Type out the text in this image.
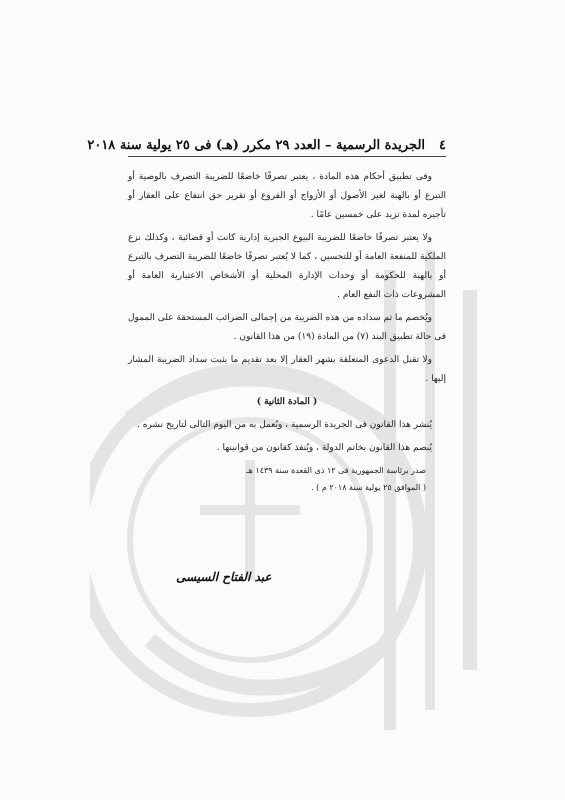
٤الجريدة الرسمية – العدد ٢٩ مكرر (هـ) فى ٢٥ يولية سنة ٢٠١٨

وفى تطبيق أحكام هذه المادة ، يعتبر تصرفًا خاضعًا للضريبة التصرف بالوصية أو التبرع أو بالهبة لغير الأصول أو الأزواج أو الفروع أو تقرير حق انتفاع على العقار أو تأجيره لمدة تزيد على خمسين عامًا .

ولا يعتبر تصرفًا خاضعًا للضريبة البيوع الجبرية إدارية كانت أو قضائية ، وكذلك نزع الملكية للمنفعة العامة أو للتحسين ، كما لا يُعتبر تصرفًا خاضعًا للضريبة التصرف بالتبرع أو بالهبة للحكومة أو وحدات الإدارة المحلية أو الأشخاص الاعتبارية العامة أو المشروعات ذات النفع العام .

ويُخصم ما تم سداده من هذه الضريبة من إجمالى الضرائب المستحقة على الممول فى حالة تطبيق البند (٧) من المادة (١٩) من هذا القانون .

ولا تقبل الدعوى المتعلقة بشهر العقار إلا بعد تقديم ما يثبت سداد الضريبة المشار إليها .

( المادة الثانية )

يُنشر هذا القانون فى الجريدة الرسمية ، ويُعمل به من اليوم التالى لتاريخ نشره .

يُبصم هذا القانون بخاتم الدولة ، ويُنفذ كقانون من قوانينها .

صدر برئاسة الجمهورية فى ١٢ ذى القعدة سنة ١٤٣٩ هـ
( الموافق ٢٥ يولية سنة ٢٠١٨ م ) .
عبد الفتاح السيسى
